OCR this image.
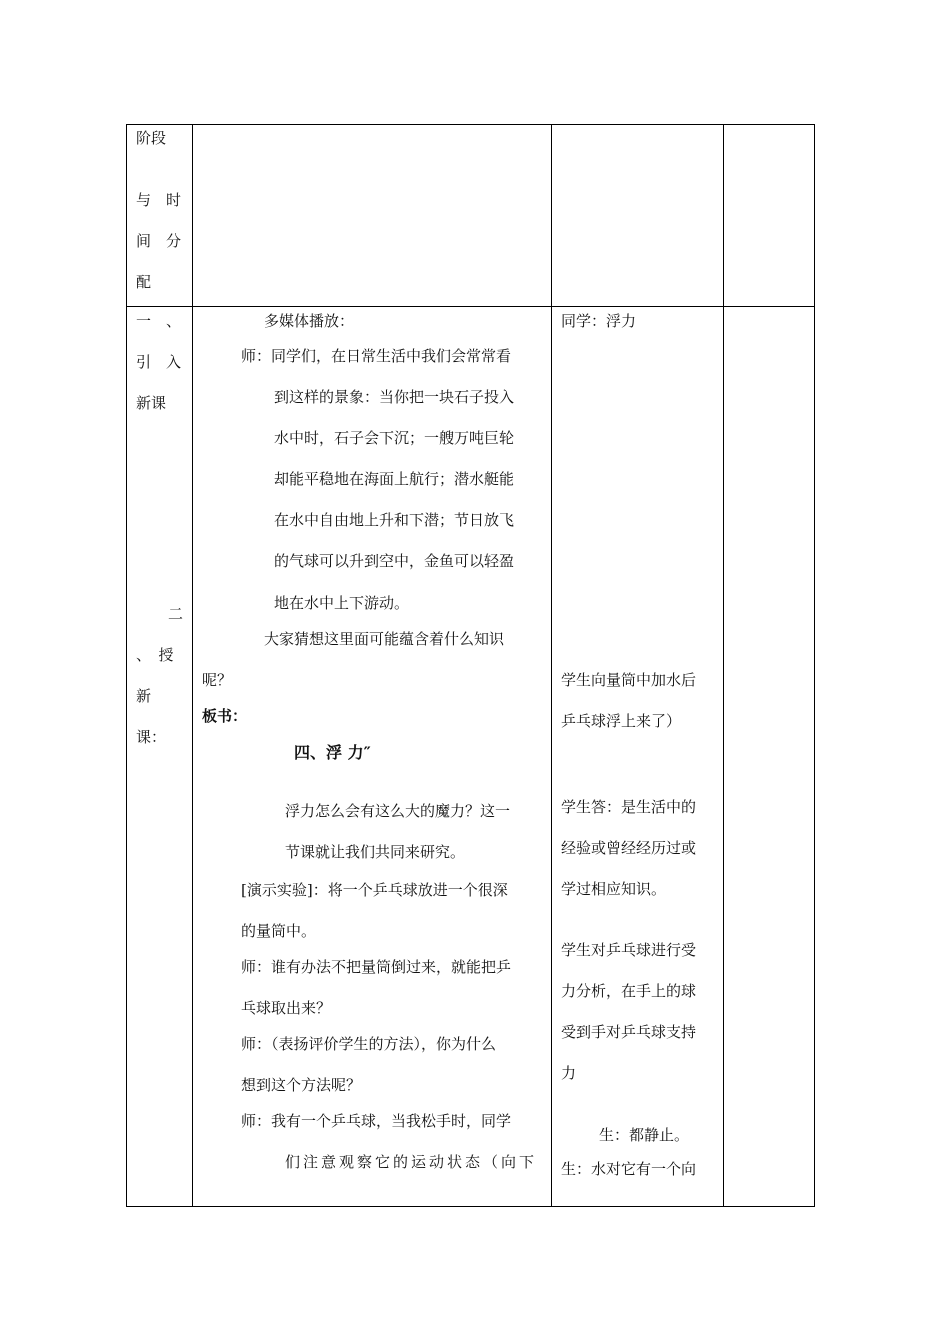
阶段
与　时
间　分
配
一　、
引　入
新课
二
、　授
新
课：
多媒体播放：
师：同学们，在日常生活中我们会常常看
到这样的景象：当你把一块石子投入
水中时，石子会下沉；一艘万吨巨轮
却能平稳地在海面上航行；潜水艇能
在水中自由地上升和下潜；节日放飞
的气球可以升到空中，金鱼可以轻盈
地在水中上下游动。
大家猜想这里面可能蕴含着什么知识
呢？
板书：
四、浮 力″
浮力怎么会有这么大的魔力？这一
节课就让我们共同来研究。
[演示实验]：将一个乒乓球放进一个很深
的量筒中。
师：谁有办法不把量筒倒过来，就能把乒
乓球取出来？
师：（表扬评价学生的方法），你为什么
想到这个方法呢？
师：我有一个乒乓球，当我松手时，同学
们注意观察它的运动状态（向下
同学：浮力
学生向量筒中加水后
乒乓球浮上来了）
学生答：是生活中的
经验或曾经经历过或
学过相应知识。
学生对乒乓球进行受
力分析，在手上的球
受到手对乒乓球支持
力
生：都静止。
生：水对它有一个向
